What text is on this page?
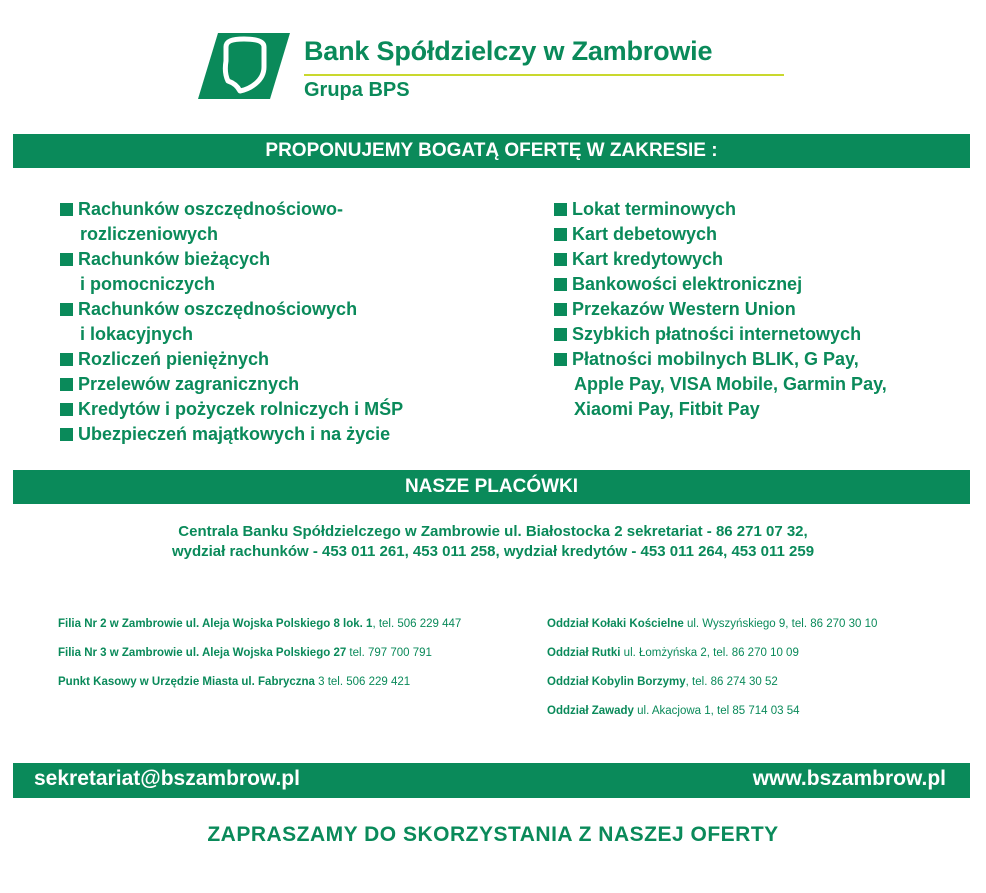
Bank Spółdzielczy w Zambrowie
Grupa BPS
PROPONUJEMY BOGATĄ OFERTĘ W ZAKRESIE :
Rachunków oszczędnościowo-
rozliczeniowych
Rachunków bieżących
i pomocniczych
Rachunków oszczędnościowych
i lokacyjnych
Rozliczeń pieniężnych
Przelewów zagranicznych
Kredytów i pożyczek rolniczych i MŚP
Ubezpieczeń majątkowych i na życie
Lokat terminowych
Kart debetowych
Kart kredytowych
Bankowości elektronicznej
Przekazów Western Union
Szybkich płatności internetowych
Płatności mobilnych BLIK, G Pay,
Apple Pay, VISA Mobile, Garmin Pay,
Xiaomi Pay, Fitbit Pay
NASZE PLACÓWKI
Centrala Banku Spółdzielczego w Zambrowie ul. Białostocka 2 sekretariat - 86 271 07 32,
wydział rachunków - 453 011 261, 453 011 258, wydział kredytów - 453 011 264, 453 011 259
Filia Nr 2 w Zambrowie ul. Aleja Wojska Polskiego 8 lok. 1, tel. 506 229 447
Filia Nr 3 w Zambrowie ul. Aleja Wojska Polskiego 27 tel. 797 700 791
Punkt Kasowy w Urzędzie Miasta ul. Fabryczna 3 tel. 506 229 421
Oddział Kołaki Kościelne ul. Wyszyńskiego 9, tel. 86 270 30 10
Oddział Rutki ul. Łomżyńska 2, tel. 86 270 10 09
Oddział Kobylin Borzymy, tel. 86 274 30 52
Oddział Zawady ul. Akacjowa 1, tel 85 714 03 54
sekretariat@bszambrow.pl	www.bszambrow.pl
ZAPRASZAMY DO SKORZYSTANIA Z NASZEJ OFERTY
